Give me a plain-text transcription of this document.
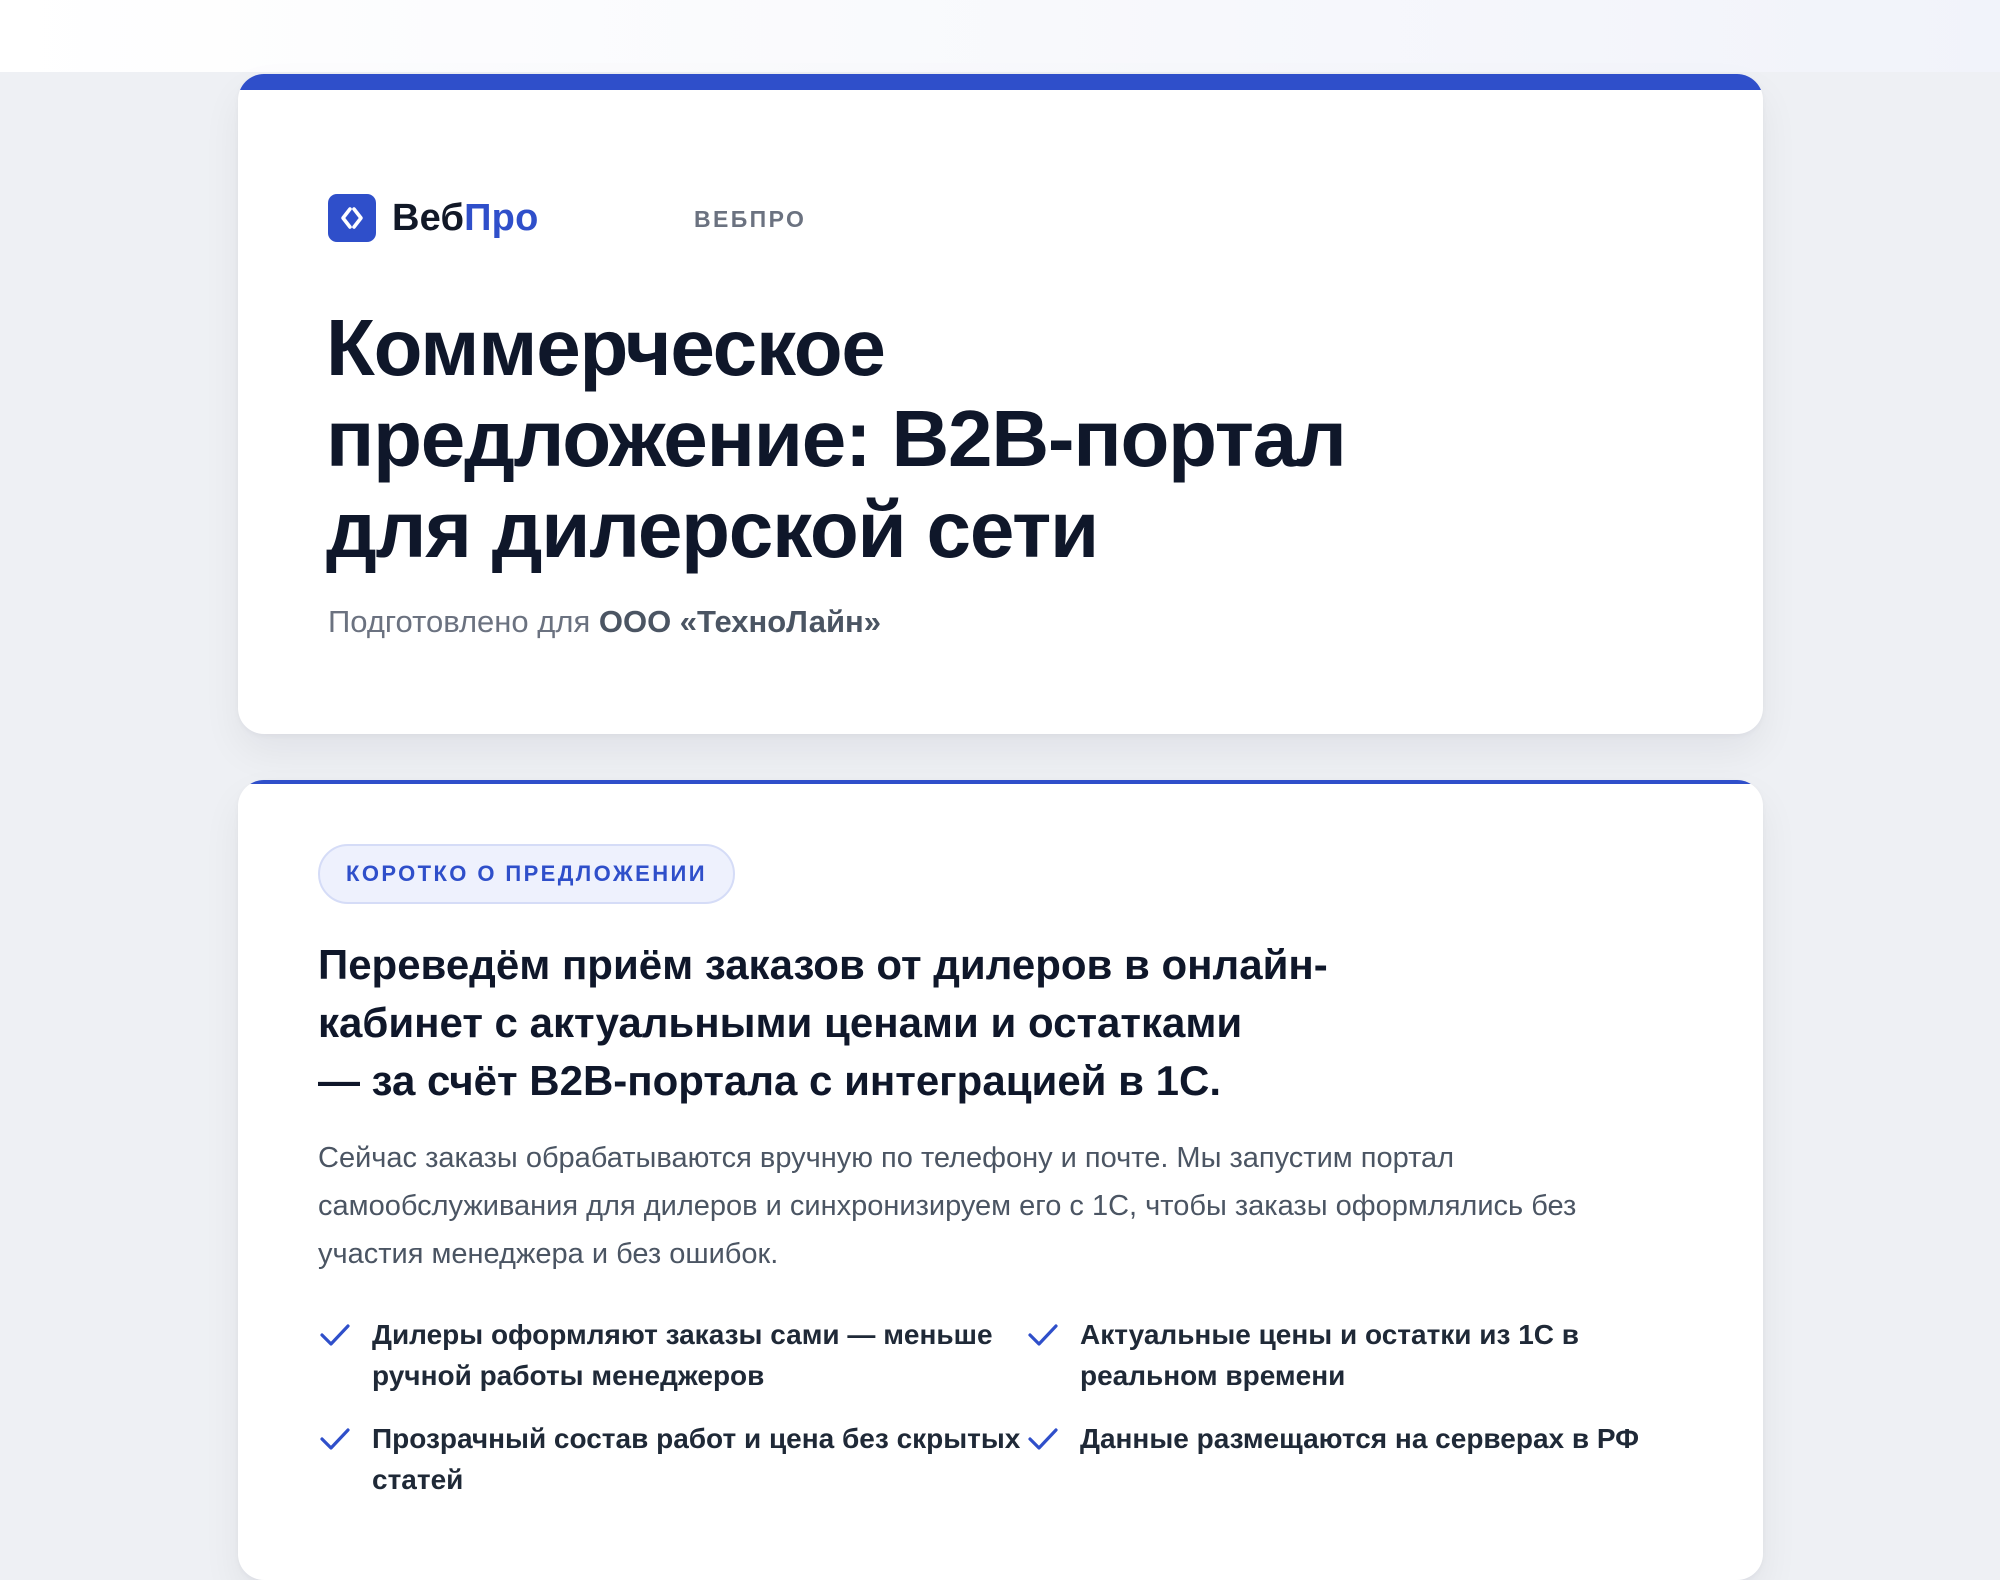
ВебПро	ВЕБПРО
Коммерческое предложение: B2B-портал для дилерской сети
Подготовлено для ООО «ТехноЛайн»
КОРОТКО О ПРЕДЛОЖЕНИИ
Переведём приём заказов от дилеров в онлайн-
кабинет с актуальными ценами и остатками
— за счёт B2B-портала с интеграцией в 1С.

Сейчас заказы обрабатываются вручную по телефону и почте. Мы запустим портал самообслуживания для дилеров и синхронизируем его с 1С, чтобы заказы оформлялись без участия менеджера и без ошибок.

Дилеры оформляют заказы сами — меньше ручной работы менеджеров
Актуальные цены и остатки из 1С в реальном времени
Прозрачный состав работ и цена без скрытых статей
Данные размещаются на серверах в РФ
